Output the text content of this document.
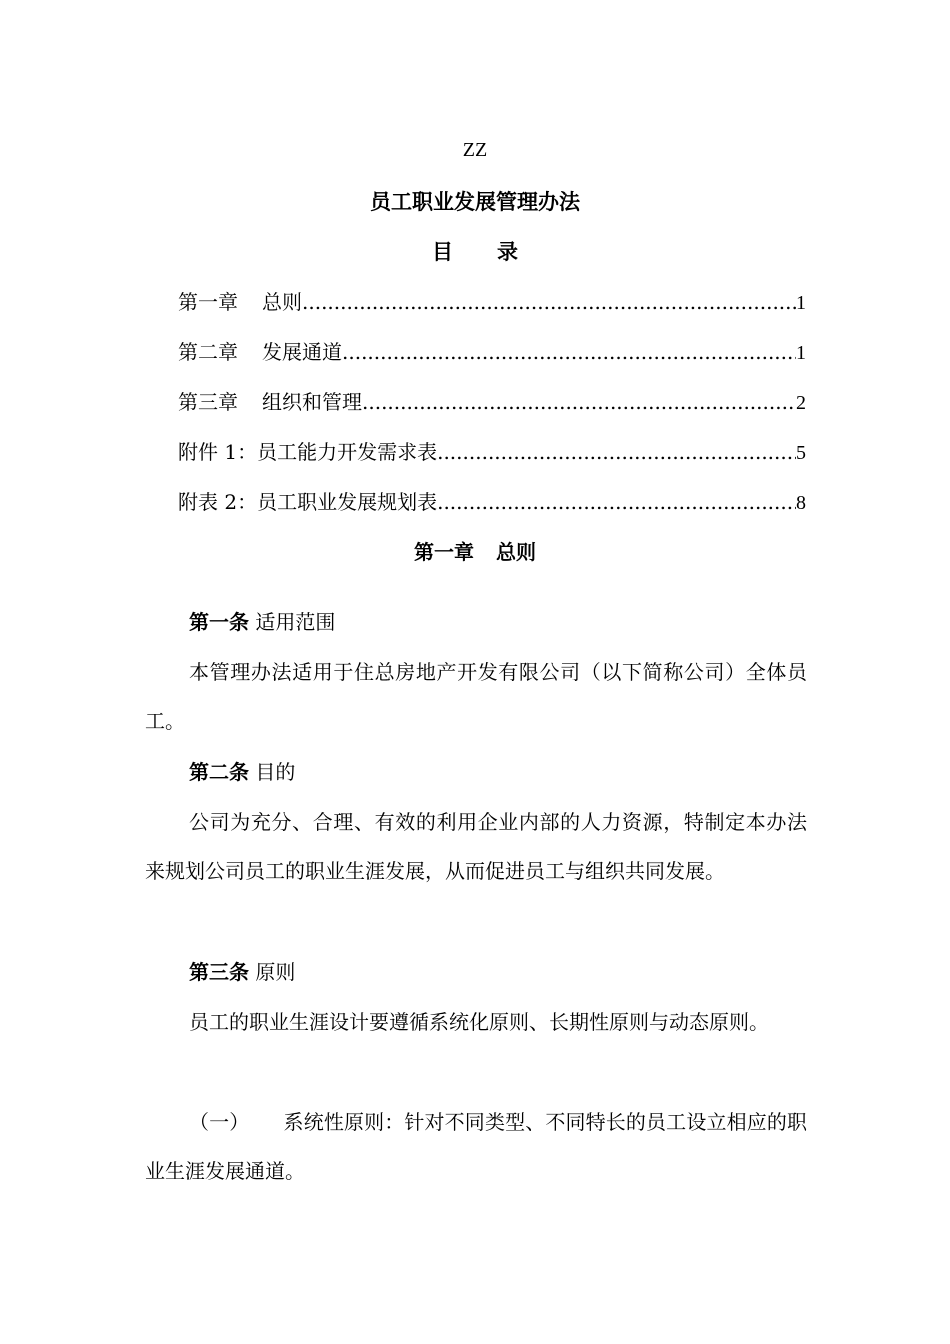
ZZ
员工职业发展管理办法
目 录
第一章 总则 .....	1
第二章 发展通道 .....	1
第三章 组织和管理 .....	2
附件 1：员工能力开发需求表 .....	5
附表 2：员工职业发展规划表 .....	8
第一章 总则
第一条 适用范围
本管理办法适用于住总房地产开发有限公司（以下简称公司）全体员工。
第二条 目的
公司为充分、合理、有效的利用企业内部的人力资源，特制定本办法来规划公司员工的职业生涯发展，从而促进员工与组织共同发展。
第三条 原则
员工的职业生涯设计要遵循系统化原则、长期性原则与动态原则。
（一） 系统性原则：针对不同类型、不同特长的员工设立相应的职业生涯发展通道。
